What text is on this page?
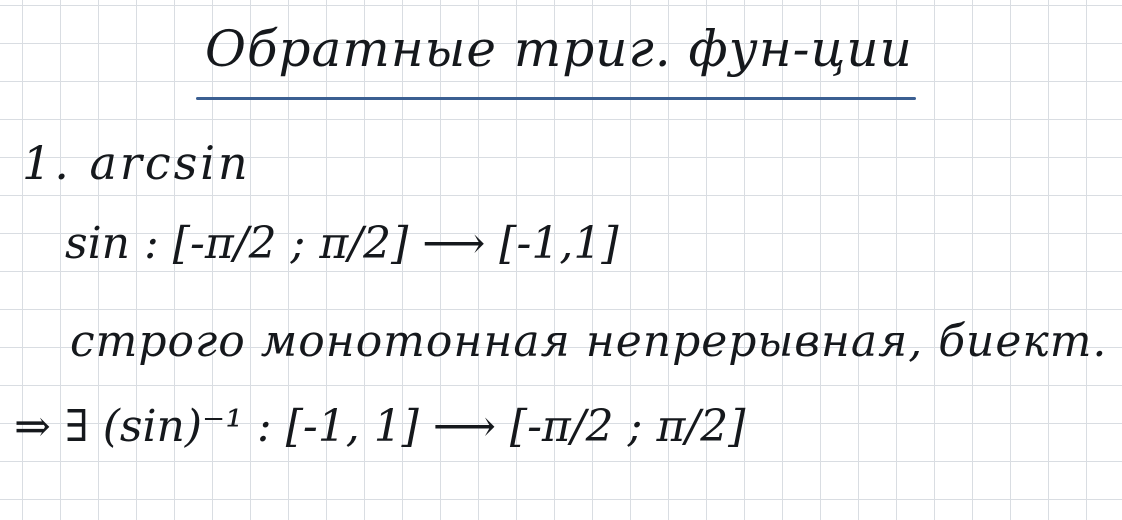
Обратные триг. фун-ции

1. arcsin

sin : [-π/2 ; π/2] ⟶ [-1,1]

строго монотонная непрерывная, биект.

⇒ ∃ (sin)⁻¹ : [-1, 1] ⟶ [-π/2 ; π/2]
